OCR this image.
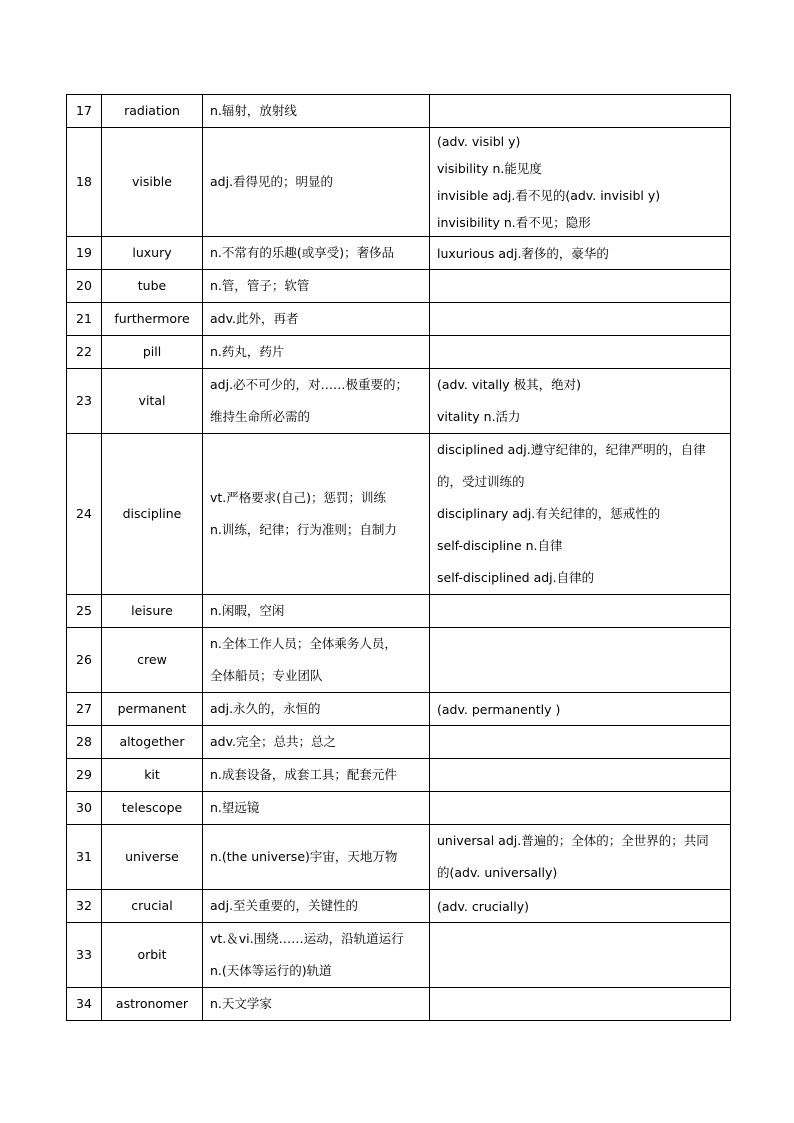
17	radiation	n.辐射，放射线	

18	visible	adj.看得见的；明显的	(adv. visibl y)
visibility n.能见度
invisible adj.看不见的(adv. invisibl y)
invisibility n.看不见；隐形

19	luxury	n.不常有的乐趣(或享受)；奢侈品	luxurious adj.奢侈的，豪华的

20	tube	n.管，管子；软管	

21	furthermore	adv.此外，再者	

22	pill	n.药丸，药片	

23	vital	adj.必不可少的，对……极重要的；
维持生命所必需的	(adv. vitally 极其，绝对)
vitality n.活力

24	discipline	vt.严格要求(自己)；惩罚；训练
n.训练，纪律；行为准则；自制力	disciplined adj.遵守纪律的，纪律严明的，自律
的，受过训练的
disciplinary adj.有关纪律的，惩戒性的
self-discipline n.自律
self-disciplined adj.自律的

25	leisure	n.闲暇，空闲	

26	crew	n.全体工作人员；全体乘务人员，
全体船员；专业团队	

27	permanent	adj.永久的，永恒的	(adv. permanently )

28	altogether	adv.完全；总共；总之	

29	kit	n.成套设备，成套工具；配套元件	

30	telescope	n.望远镜	

31	universe	n.(the universe)宇宙，天地万物	universal adj.普遍的；全体的；全世界的；共同
的(adv. universally)

32	crucial	adj.至关重要的，关键性的	(adv. crucially)

33	orbit	vt.＆vi.围绕……运动，沿轨道运行
n.(天体等运行的)轨道	

34	astronomer	n.天文学家	
